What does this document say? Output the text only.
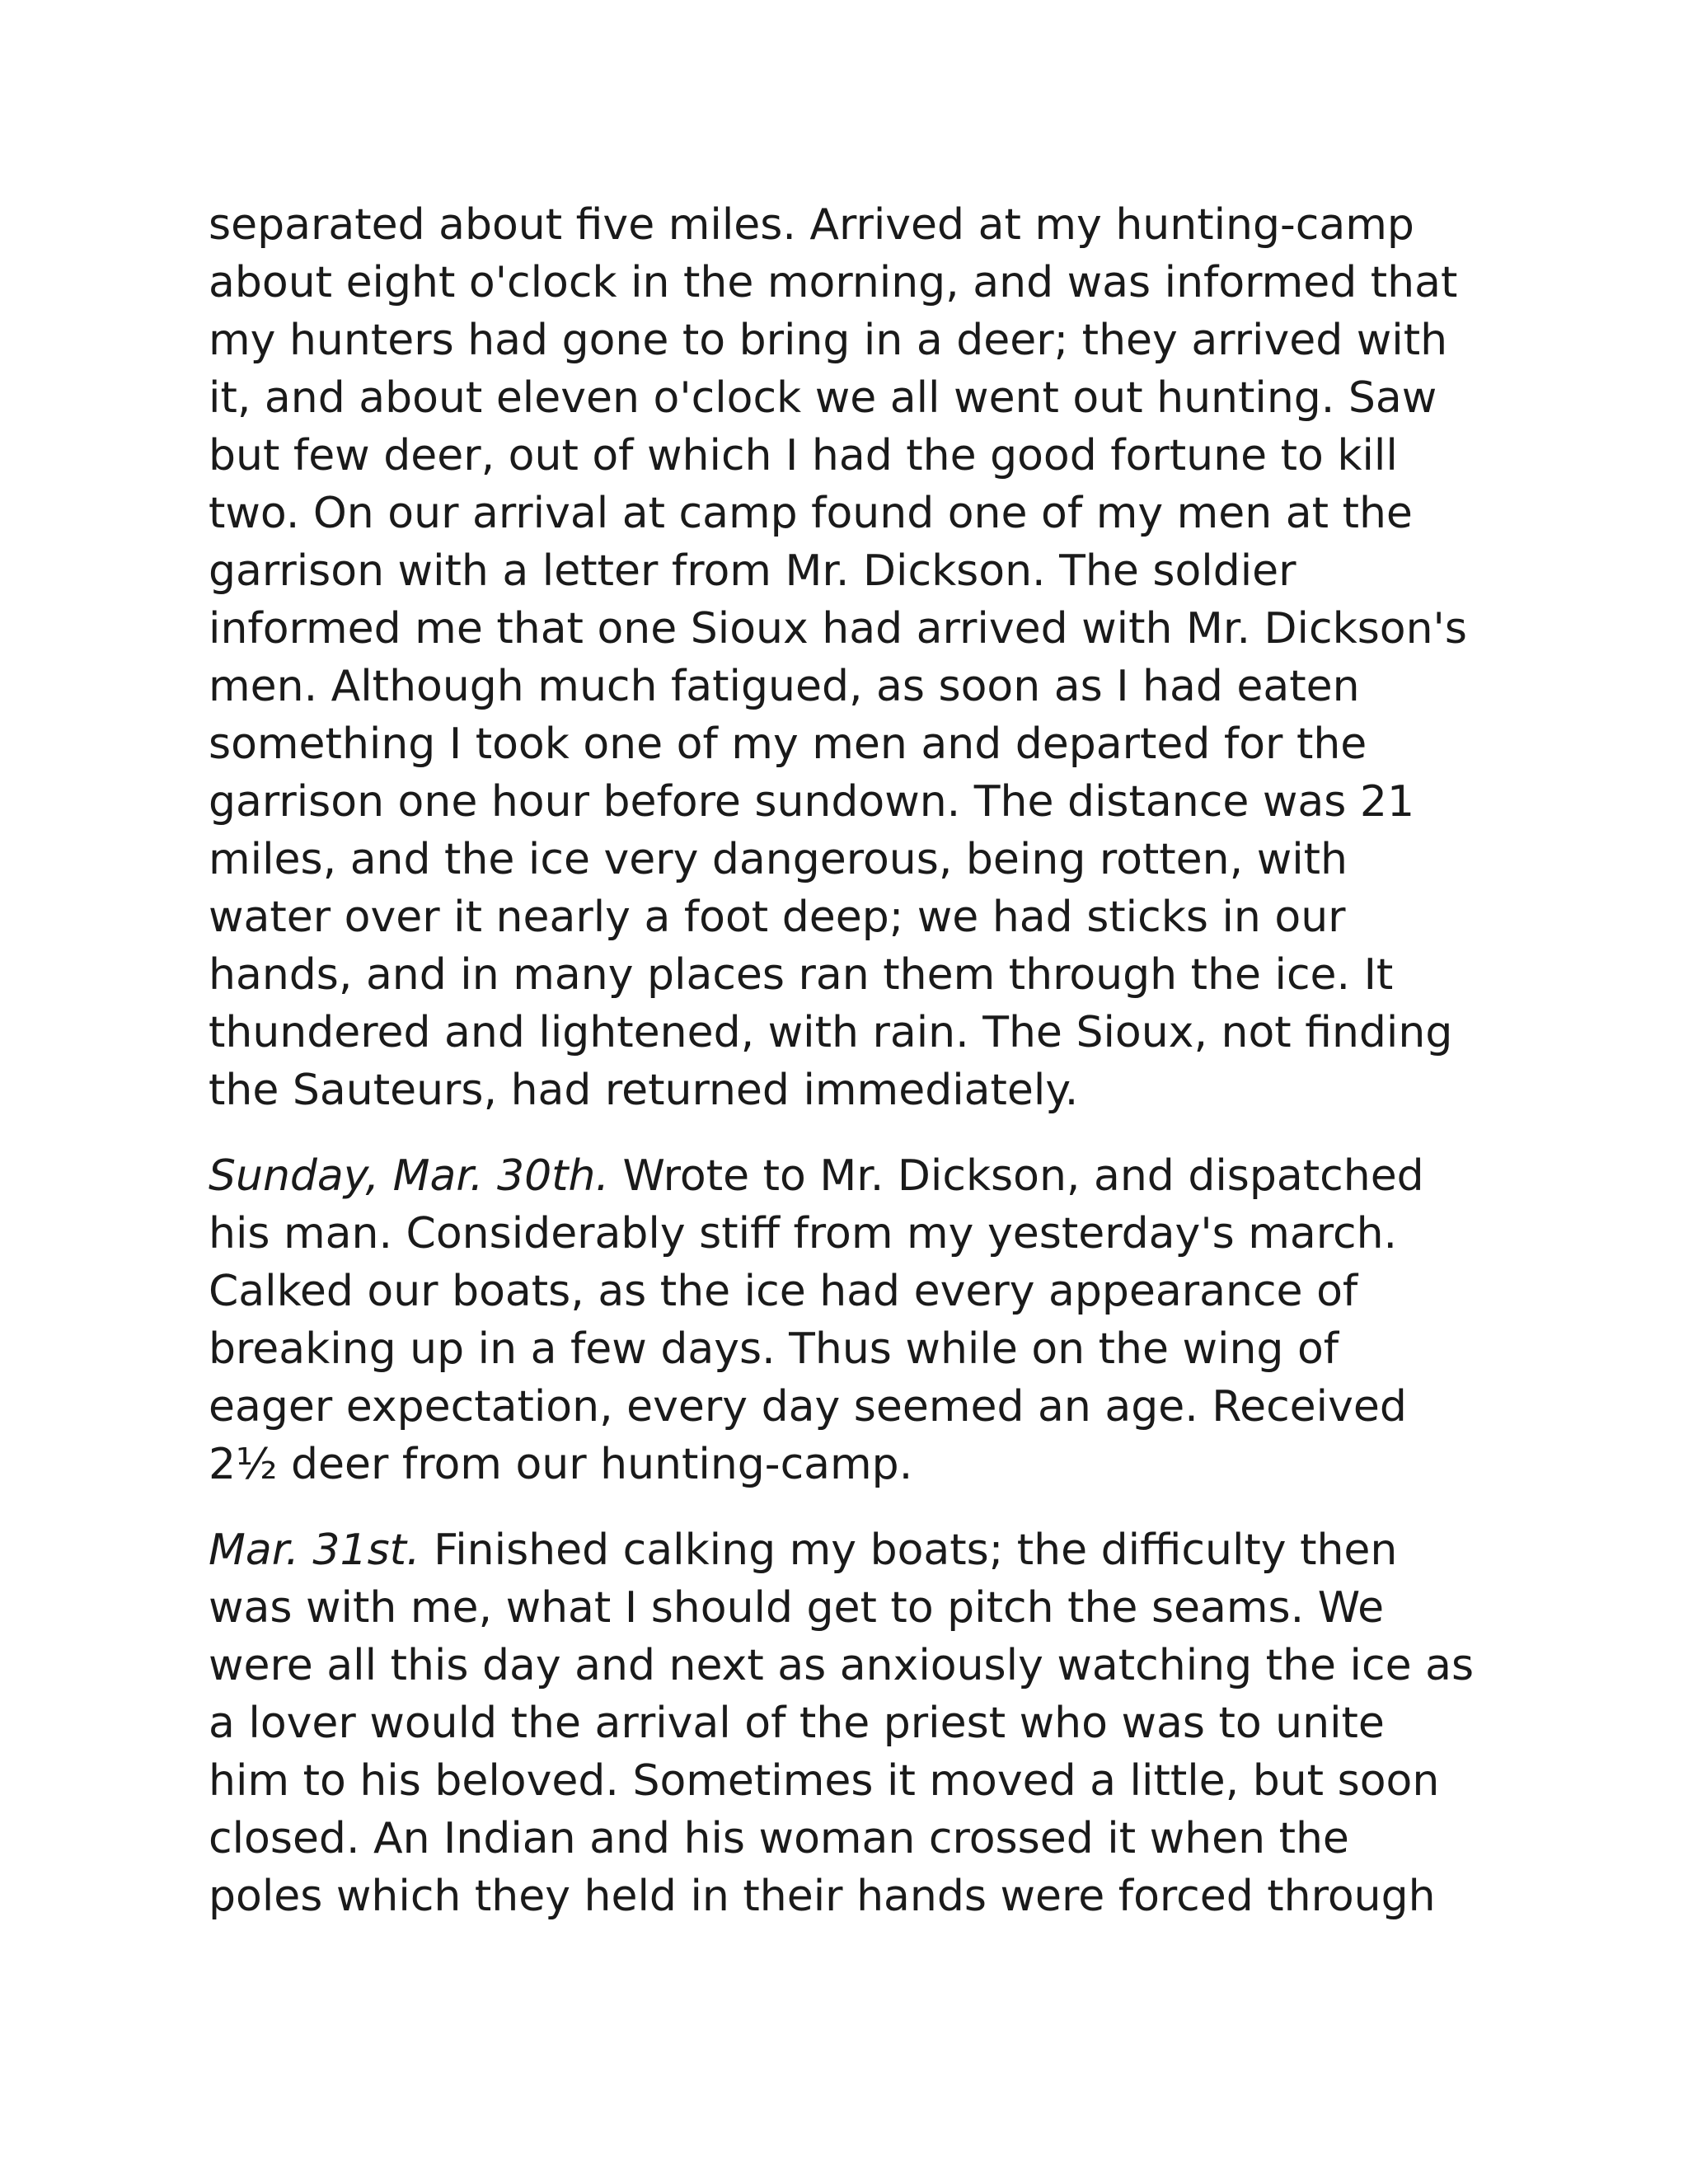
separated about five miles. Arrived at my hunting-camp
about eight o'clock in the morning, and was informed that
my hunters had gone to bring in a deer; they arrived with
it, and about eleven o'clock we all went out hunting. Saw
but few deer, out of which I had the good fortune to kill
two. On our arrival at camp found one of my men at the
garrison with a letter from Mr. Dickson. The soldier
informed me that one Sioux had arrived with Mr. Dickson's
men. Although much fatigued, as soon as I had eaten
something I took one of my men and departed for the
garrison one hour before sundown. The distance was 21
miles, and the ice very dangerous, being rotten, with
water over it nearly a foot deep; we had sticks in our
hands, and in many places ran them through the ice. It
thundered and lightened, with rain. The Sioux, not finding
the Sauteurs, had returned immediately.
Sunday, Mar. 30th. Wrote to Mr. Dickson, and dispatched
his man. Considerably stiff from my yesterday's march.
Calked our boats, as the ice had every appearance of
breaking up in a few days. Thus while on the wing of
eager expectation, every day seemed an age. Received
2½ deer from our hunting-camp.
Mar. 31st. Finished calking my boats; the difficulty then
was with me, what I should get to pitch the seams. We
were all this day and next as anxiously watching the ice as
a lover would the arrival of the priest who was to unite
him to his beloved. Sometimes it moved a little, but soon
closed. An Indian and his woman crossed it when the
poles which they held in their hands were forced through
